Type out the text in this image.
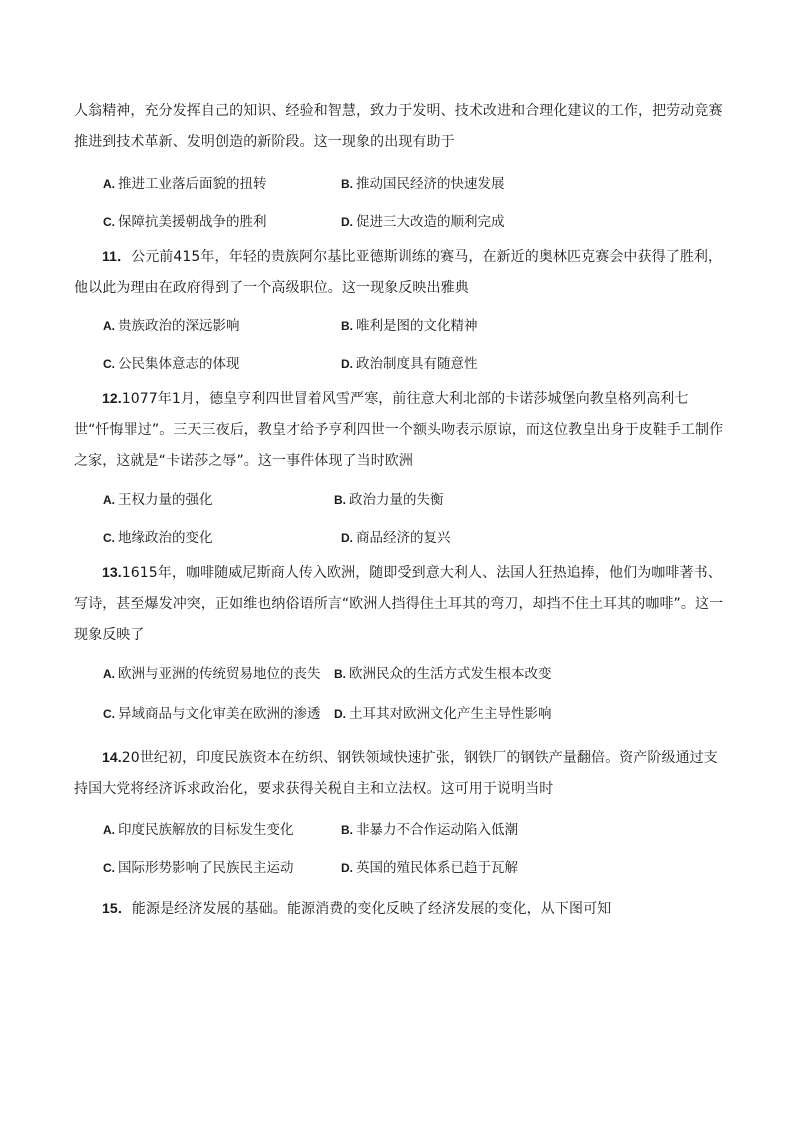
人翁精神，充分发挥自己的知识、经验和智慧，致力于发明、技术改进和合理化建议的工作，把劳动竞赛推进到技术革新、发明创造的新阶段。这一现象的出现有助于

A. 推进工业落后面貌的扭转	B. 推动国民经济的快速发展
C. 保障抗美援朝战争的胜利	D. 促进三大改造的顺利完成

11．公元前415年，年轻的贵族阿尔基比亚德斯训练的赛马，在新近的奥林匹克赛会中获得了胜利，他以此为理由在政府得到了一个高级职位。这一现象反映出雅典

A. 贵族政治的深远影响	B. 唯利是图的文化精神
C. 公民集体意志的体现	D. 政治制度具有随意性

12.1077年1月，德皇亨利四世冒着风雪严寒，前往意大利北部的卡诺莎城堡向教皇格列高利七世“忏悔罪过”。三天三夜后，教皇才给予亨利四世一个额头吻表示原谅，而这位教皇出身于皮鞋手工制作之家，这就是“卡诺莎之辱”。这一事件体现了当时欧洲

A. 王权力量的强化	B. 政治力量的失衡
C. 地缘政治的变化	D. 商品经济的复兴

13.1615年，咖啡随威尼斯商人传入欧洲，随即受到意大利人、法国人狂热追捧，他们为咖啡著书、写诗，甚至爆发冲突，正如维也纳俗语所言“欧洲人挡得住土耳其的弯刀，却挡不住土耳其的咖啡”。这一现象反映了

A. 欧洲与亚洲的传统贸易地位的丧失 B. 欧洲民众的生活方式发生根本改变
C. 异域商品与文化审美在欧洲的渗透 D. 土耳其对欧洲文化产生主导性影响

14.20世纪初，印度民族资本在纺织、钢铁领域快速扩张，钢铁厂的钢铁产量翻倍。资产阶级通过支持国大党将经济诉求政治化，要求获得关税自主和立法权。这可用于说明当时

A. 印度民族解放的目标发生变化	B. 非暴力不合作运动陷入低潮
C. 国际形势影响了民族民主运动	D. 英国的殖民体系已趋于瓦解

15．能源是经济发展的基础。能源消费的变化反映了经济发展的变化，从下图可知
